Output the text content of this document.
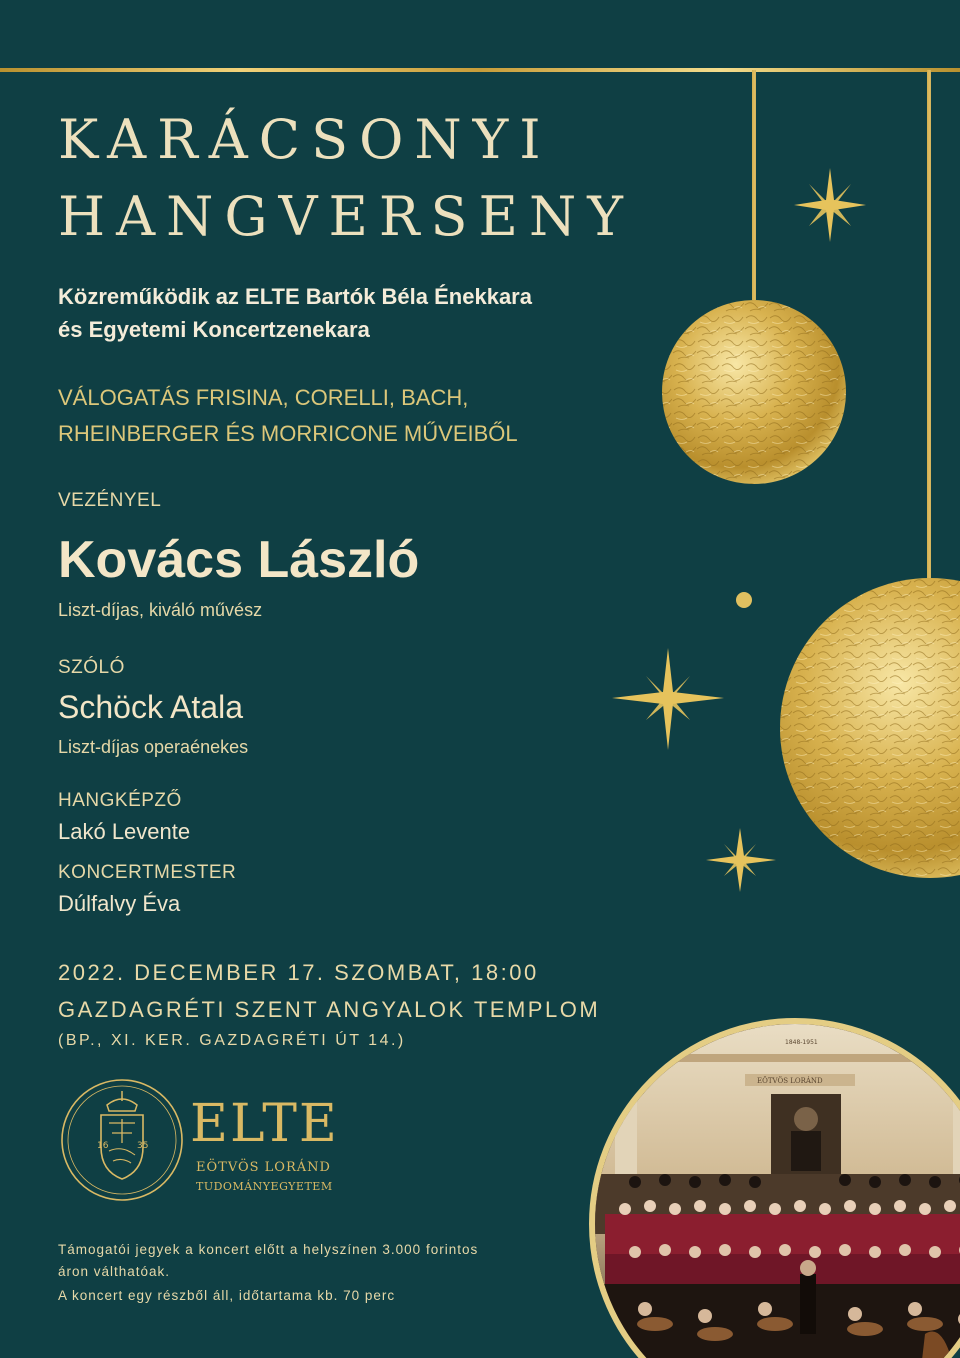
KARÁCSONYI
HANGVERSENY
Közreműködik az ELTE Bartók Béla Énekkara
és Egyetemi Koncertzenekara
VÁLOGATÁS FRISINA, CORELLI, BACH,
RHEINBERGER ÉS MORRICONE MŰVEIBŐL
VEZÉNYEL
Kovács László
Liszt-díjas, kiváló művész
SZÓLÓ
Schöck Atala
Liszt-díjas operaénekes
HANGKÉPZŐ
Lakó Levente
KONCERTMESTER
Dúlfalvy Éva
2022. DECEMBER 17. SZOMBAT, 18:00
GAZDAGRÉTI SZENT ANGYALOK TEMPLOM
(BP., XI. KER. GAZDAGRÉTI ÚT 14.)
16	35 ELTE
EÖTVÖS LORÁND
TUDOMÁNYEGYETEM
Támogatói jegyek a koncert előtt a helyszínen 3.000 forintos
áron válthatóak.
A koncert egy részből áll, időtartama kb. 70 perc
1848-1951
EÖTVÖS LORÁND
